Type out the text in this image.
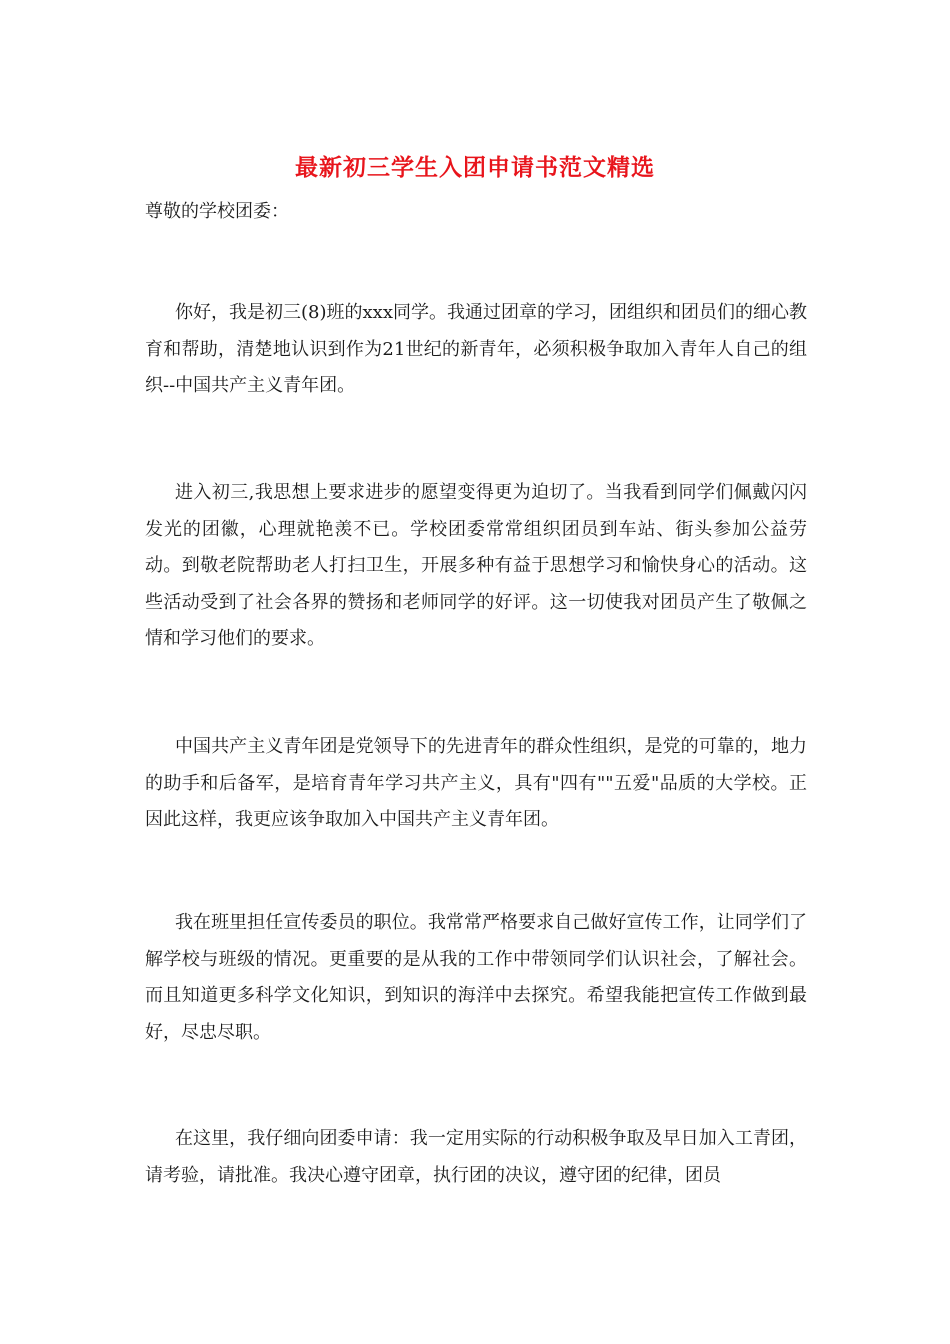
最新初三学生入团申请书范文精选

尊敬的学校团委：

你好，我是初三(8)班的xxx同学。我通过团章的学习，团组织和团员们的细心教育和帮助，清楚地认识到作为21世纪的新青年，必须积极争取加入青年人自己的组织--中国共产主义青年团。

进入初三,我思想上要求进步的愿望变得更为迫切了。当我看到同学们佩戴闪闪发光的团徽，心理就艳羡不已。学校团委常常组织团员到车站、街头参加公益劳动。到敬老院帮助老人打扫卫生，开展多种有益于思想学习和愉快身心的活动。这些活动受到了社会各界的赞扬和老师同学的好评。这一切使我对团员产生了敬佩之情和学习他们的要求。

中国共产主义青年团是党领导下的先进青年的群众性组织，是党的可靠的，地力的助手和后备军，是培育青年学习共产主义，具有"四有""五爱"品质的大学校。正因此这样，我更应该争取加入中国共产主义青年团。

我在班里担任宣传委员的职位。我常常严格要求自己做好宣传工作，让同学们了解学校与班级的情况。更重要的是从我的工作中带领同学们认识社会，了解社会。而且知道更多科学文化知识，到知识的海洋中去探究。希望我能把宣传工作做到最好，尽忠尽职。

在这里，我仔细向团委申请：我一定用实际的行动积极争取及早日加入工青团，请考验，请批准。我决心遵守团章，执行团的决议，遵守团的纪律，团员
